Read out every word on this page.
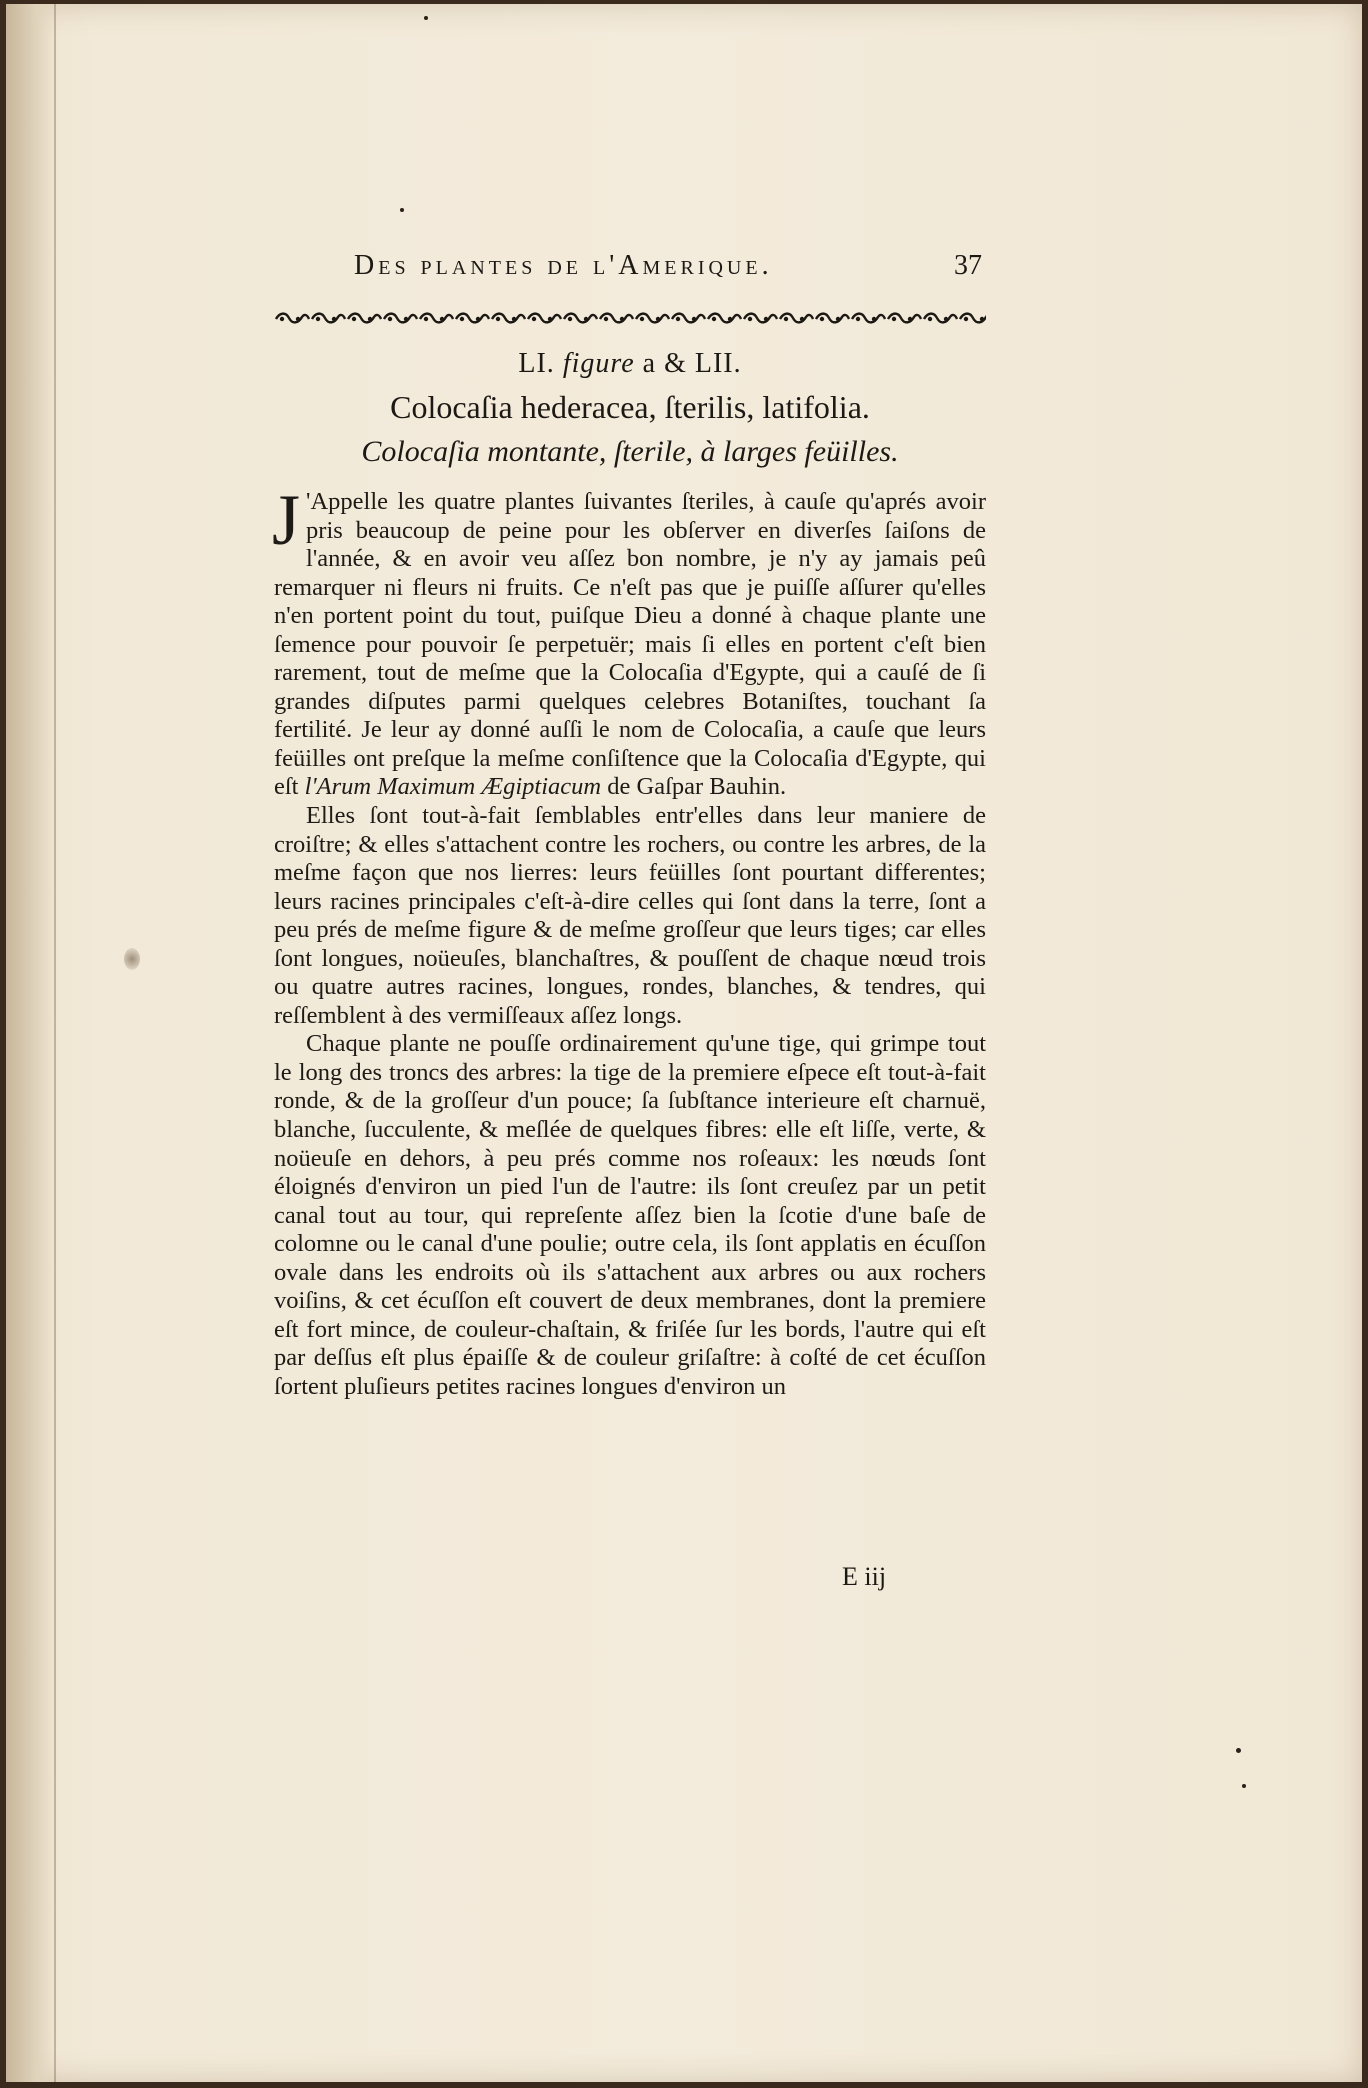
Des plantes de l'Amerique.	37
LI. figure a & LII.
Colocaſia hederacea, ſterilis, latifolia.
Colocaſia montante, ſterile, à larges feüilles.

J 'Appelle les quatre plantes ſuivantes ſteriles, à cauſe qu'aprés avoir pris beaucoup de peine pour les obſerver en diverſes ſaiſons de l'année, & en avoir veu aſſez bon nombre, je n'y ay jamais peû remarquer ni fleurs ni fruits. Ce n'eſt pas que je puiſſe aſſurer qu'elles n'en portent point du tout, puiſque Dieu a donné à chaque plante une ſemence pour pouvoir ſe perpetuër; mais ſi elles en portent c'eſt bien rarement, tout de meſme que la Colocaſia d'Egypte, qui a cauſé de ſi grandes diſputes parmi quelques celebres Botaniſtes, touchant ſa fertilité. Je leur ay donné auſſi le nom de Colocaſia, a cauſe que leurs feüilles ont preſque la meſme conſiſtence que la Colocaſia d'Egypte, qui eſt l'Arum Maximum Ægiptiacum de Gaſpar Bauhin.

Elles ſont tout-à-fait ſemblables entr'elles dans leur maniere de croiſtre; & elles s'attachent contre les rochers, ou contre les arbres, de la meſme façon que nos lierres: leurs feüilles ſont pourtant differentes; leurs racines principales c'eſt-à-dire celles qui ſont dans la terre, ſont a peu prés de meſme figure & de meſme groſſeur que leurs tiges; car elles ſont longues, noüeuſes, blanchaſtres, & pouſſent de chaque nœud trois ou quatre autres racines, longues, rondes, blanches, & tendres, qui reſſemblent à des vermiſſeaux aſſez longs.

Chaque plante ne pouſſe ordinairement qu'une tige, qui grimpe tout le long des troncs des arbres: la tige de la premiere eſpece eſt tout-à-fait ronde, & de la groſſeur d'un pouce; ſa ſubſtance interieure eſt charnuë, blanche, ſucculente, & meſlée de quelques fibres: elle eſt liſſe, verte, & noüeuſe en dehors, à peu prés comme nos roſeaux: les nœuds ſont éloignés d'environ un pied l'un de l'autre: ils ſont creuſez par un petit canal tout au tour, qui repreſente aſſez bien la ſcotie d'une baſe de colomne ou le canal d'une poulie; outre cela, ils ſont applatis en écuſſon ovale dans les endroits où ils s'attachent aux arbres ou aux rochers voiſins, & cet écuſſon eſt couvert de deux membranes, dont la premiere eſt fort mince, de couleur-chaſtain, & friſée ſur les bords, l'autre qui eſt par deſſus eſt plus épaiſſe & de couleur griſaſtre: à coſté de cet écuſſon ſortent pluſieurs petites racines longues d'environ un

E iij
